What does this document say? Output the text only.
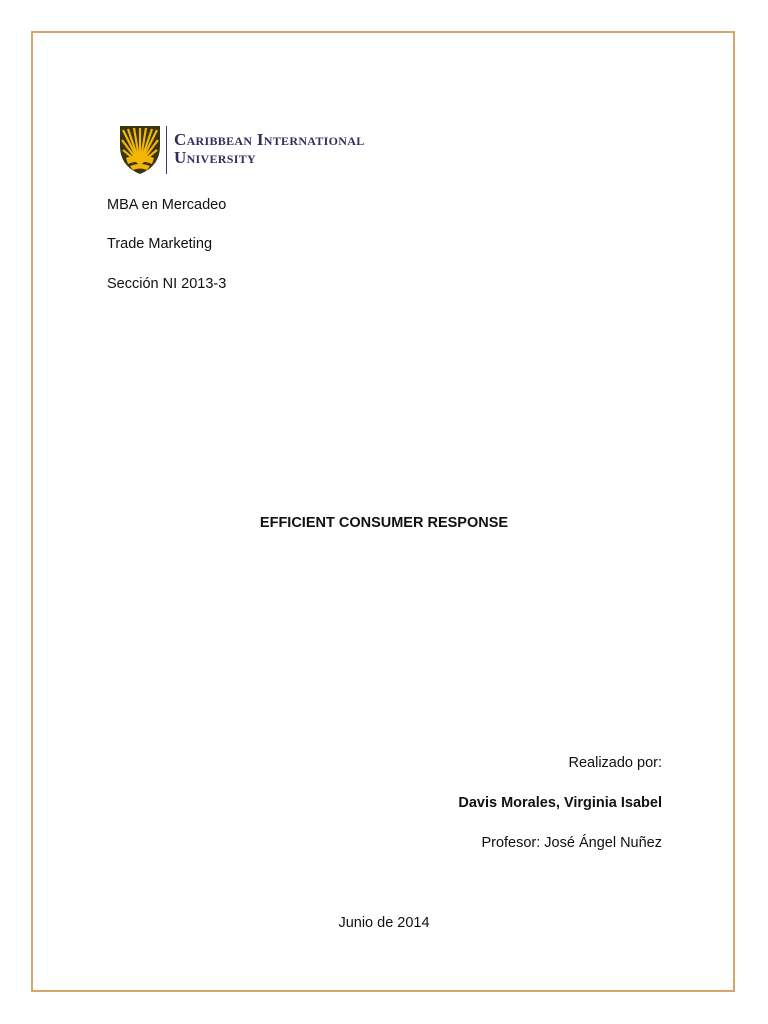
Caribbean International
University
MBA en Mercadeo
Trade Marketing
Sección NI 2013-3
EFFICIENT CONSUMER RESPONSE
Realizado por:
Davis Morales, Virginia Isabel
Profesor: José Ángel Nuñez
Junio de 2014
